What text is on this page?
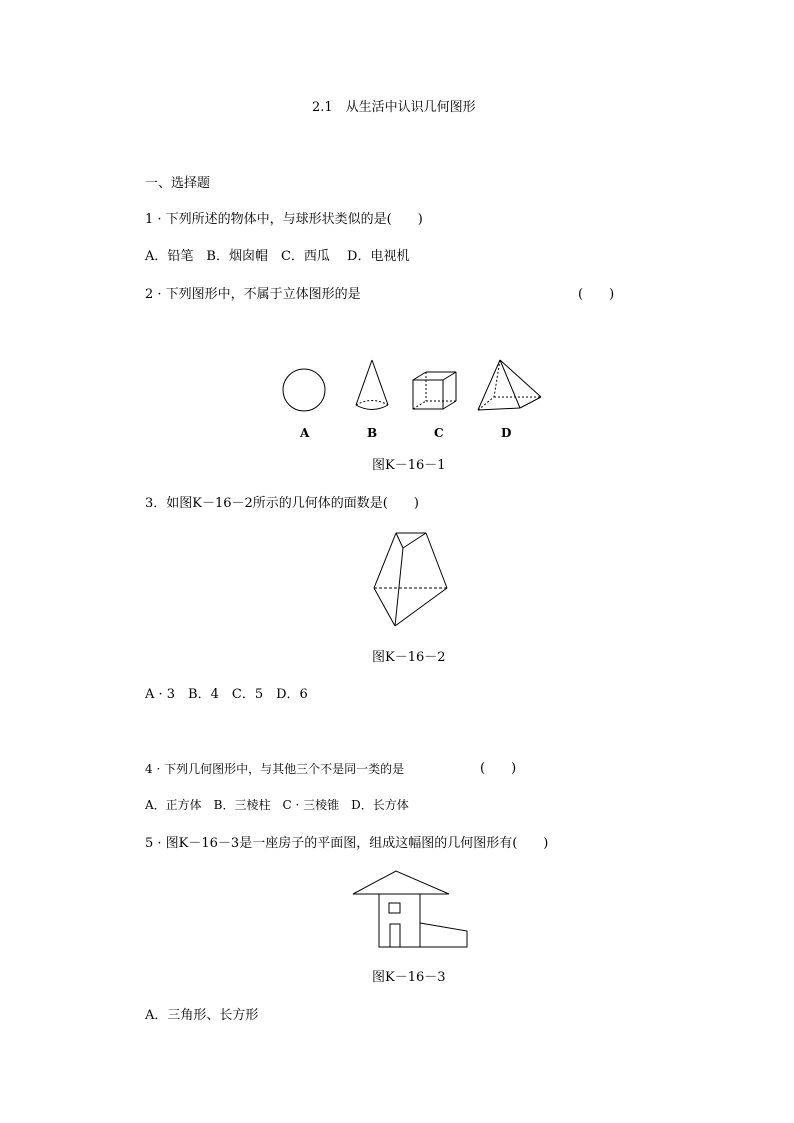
2.1　从生活中认识几何图形
一、选择题
1 · 下列所述的物体中，与球形状类似的是(　　)
A．铅笔　B．烟囱帽　C．西瓜　 D．电视机
2 · 下列图形中，不属于立体图形的是	(　　)
A	B	C	D
图K－16－1
3．如图K－16－2所示的几何体的面数是(　　)
图K－16－2
A · 3　B．4　C．5　D．6
4 · 下列几何图形中，与其他三个不是同一类的是	(　　)
A．正方体　B．三棱柱　C · 三棱锥　D．长方体
5 · 图K－16－3是一座房子的平面图，组成这幅图的几何图形有(　　)
图K－16－3
A．三角形、长方形
